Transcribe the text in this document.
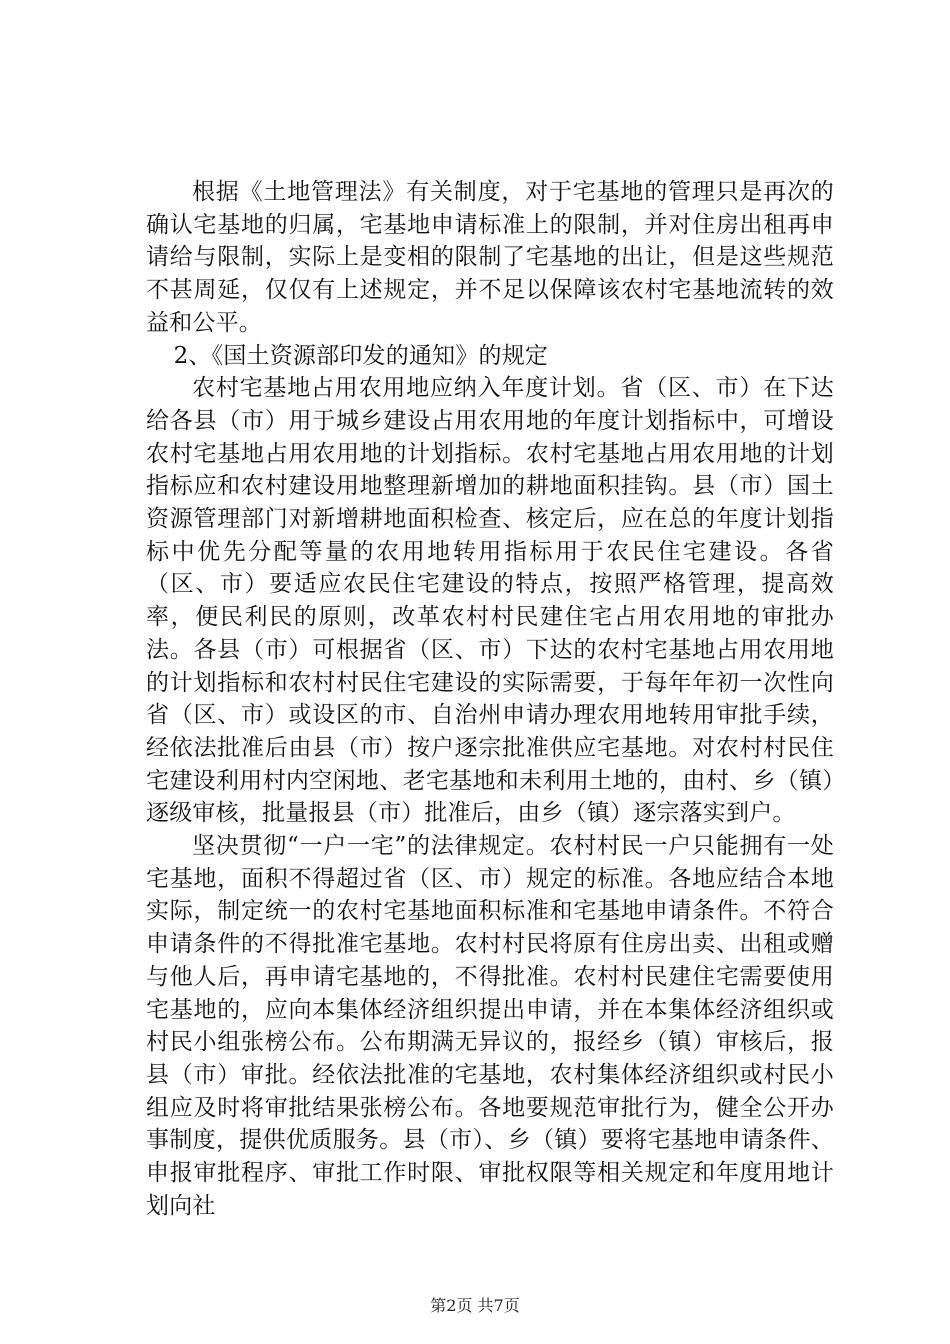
根据《土地管理法》有关制度，对于宅基地的管理只是再次的确认宅基地的归属，宅基地申请标准上的限制，并对住房出租再申请给与限制，实际上是变相的限制了宅基地的出让，但是这些规范不甚周延，仅仅有上述规定，并不足以保障该农村宅基地流转的效益和公平。

2、《国土资源部印发的通知》的规定

农村宅基地占用农用地应纳入年度计划。省（区、市）在下达给各县（市）用于城乡建设占用农用地的年度计划指标中，可增设农村宅基地占用农用地的计划指标。农村宅基地占用农用地的计划指标应和农村建设用地整理新增加的耕地面积挂钩。县（市）国土资源管理部门对新增耕地面积检查、核定后，应在总的年度计划指标中优先分配等量的农用地转用指标用于农民住宅建设。各省（区、市）要适应农民住宅建设的特点，按照严格管理，提高效率，便民利民的原则，改革农村村民建住宅占用农用地的审批办法。各县（市）可根据省（区、市）下达的农村宅基地占用农用地的计划指标和农村村民住宅建设的实际需要，于每年年初一次性向省（区、市）或设区的市、自治州申请办理农用地转用审批手续，经依法批准后由县（市）按户逐宗批准供应宅基地。对农村村民住宅建设利用村内空闲地、老宅基地和未利用土地的，由村、乡（镇）逐级审核，批量报县（市）批准后，由乡（镇）逐宗落实到户。

坚决贯彻“一户一宅”的法律规定。农村村民一户只能拥有一处宅基地，面积不得超过省（区、市）规定的标准。各地应结合本地实际，制定统一的农村宅基地面积标准和宅基地申请条件。不符合申请条件的不得批准宅基地。农村村民将原有住房出卖、出租或赠与他人后，再申请宅基地的，不得批准。农村村民建住宅需要使用宅基地的，应向本集体经济组织提出申请，并在本集体经济组织或村民小组张榜公布。公布期满无异议的，报经乡（镇）审核后，报县（市）审批。经依法批准的宅基地，农村集体经济组织或村民小组应及时将审批结果张榜公布。各地要规范审批行为，健全公开办事制度，提供优质服务。县（市）、乡（镇）要将宅基地申请条件、申报审批程序、审批工作时限、审批权限等相关规定和年度用地计划向社

第2页 共7页
